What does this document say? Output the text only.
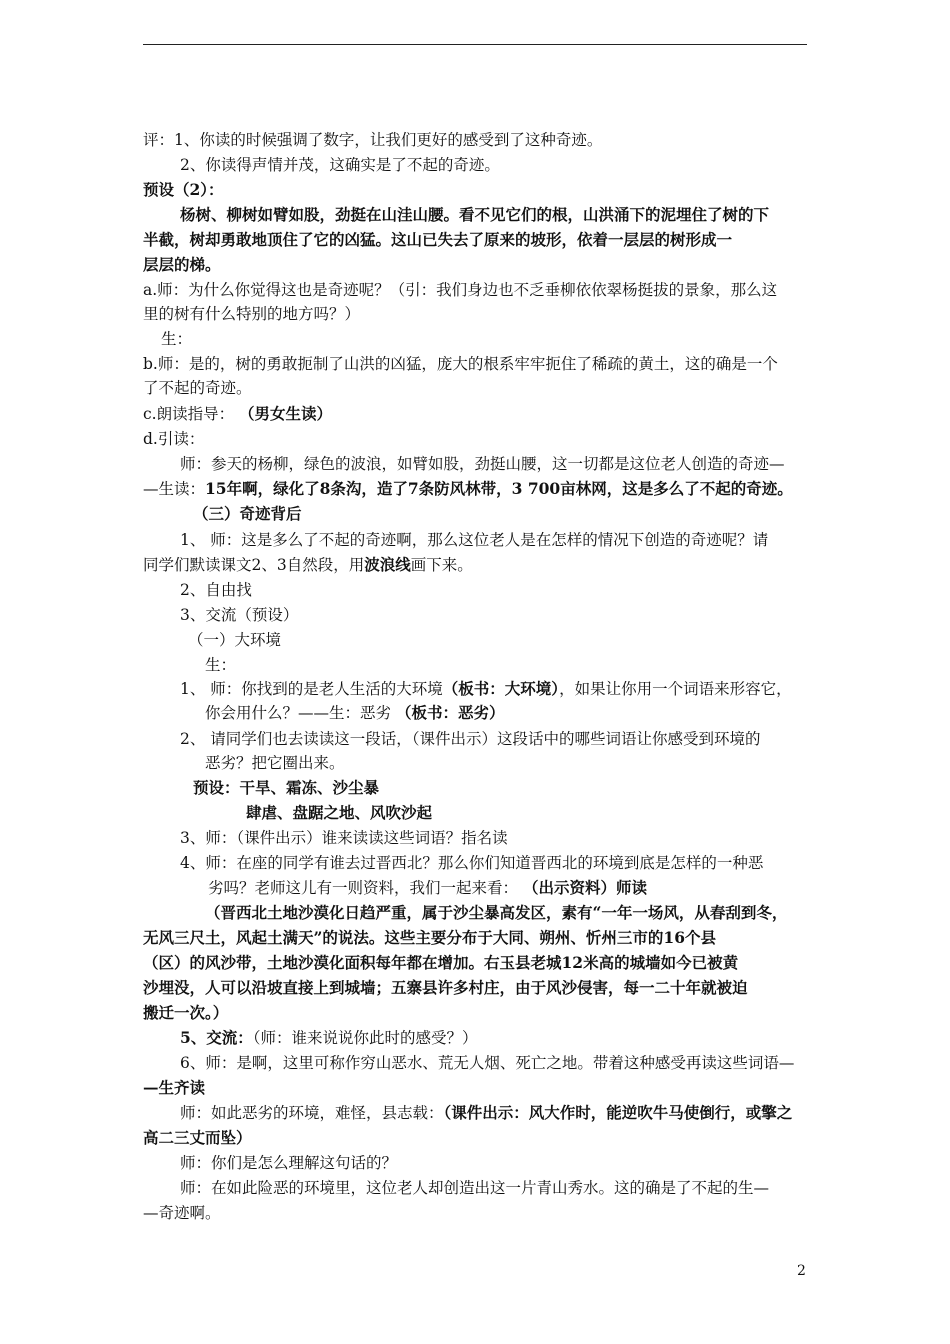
评：1、你读的时候强调了数字，让我们更好的感受到了这种奇迹。
2、你读得声情并茂，这确实是了不起的奇迹。
预设（2）：
杨树、柳树如臂如股，劲挺在山洼山腰。看不见它们的根，山洪涌下的泥埋住了树的下
半截，树却勇敢地顶住了它的凶猛。这山已失去了原来的坡形，依着一层层的树形成一
层层的梯。
a.师：为什么你觉得这也是奇迹呢？（引：我们身边也不乏垂柳依依翠杨挺拔的景象，那么这
里的树有什么特别的地方吗？）
生：
b.师：是的，树的勇敢扼制了山洪的凶猛，庞大的根系牢牢扼住了稀疏的黄土，这的确是一个
了不起的奇迹。
c.朗读指导： （男女生读）
d.引读：
师：参天的杨柳，绿色的波浪，如臂如股，劲挺山腰，这一切都是这位老人创造的奇迹—
—生读：15年啊，绿化了8条沟，造了7条防风林带，3 700亩林网，这是多么了不起的奇迹。
（三）奇迹背后
1、 师：这是多么了不起的奇迹啊，那么这位老人是在怎样的情况下创造的奇迹呢？请
同学们默读课文2、3自然段，用波浪线画下来。
2、自由找
3、交流（预设）
（一）大环境
生：
1、 师：你找到的是老人生活的大环境（板书：大环境），如果让你用一个词语来形容它，
你会用什么？——生：恶劣 （板书：恶劣）
2、 请同学们也去读读这一段话，（课件出示）这段话中的哪些词语让你感受到环境的
恶劣？把它圈出来。
预设：干旱、霜冻、沙尘暴
肆虐、盘踞之地、风吹沙起
3、师：（课件出示）谁来读读这些词语？指名读
4、师：在座的同学有谁去过晋西北？那么你们知道晋西北的环境到底是怎样的一种恶
劣吗？老师这儿有一则资料，我们一起来看： （出示资料）师读
（晋西北土地沙漠化日趋严重，属于沙尘暴高发区，素有“一年一场风，从春刮到冬，
无风三尺土，风起土满天”的说法。这些主要分布于大同、朔州、忻州三市的16个县
（区）的风沙带，土地沙漠化面积每年都在增加。右玉县老城12米高的城墙如今已被黄
沙埋没，人可以沿坡直接上到城墙；五寨县许多村庄，由于风沙侵害，每一二十年就被迫
搬迁一次。）
5、交流：（师：谁来说说你此时的感受？）
6、师：是啊，这里可称作穷山恶水、荒无人烟、死亡之地。带着这种感受再读这些词语—
—生齐读
师：如此恶劣的环境，难怪，县志载：（课件出示：风大作时，能逆吹牛马使倒行，或擎之
高二三丈而坠）
师：你们是怎么理解这句话的？
师：在如此险恶的环境里，这位老人却创造出这一片青山秀水。这的确是了不起的生—
—奇迹啊。
2
